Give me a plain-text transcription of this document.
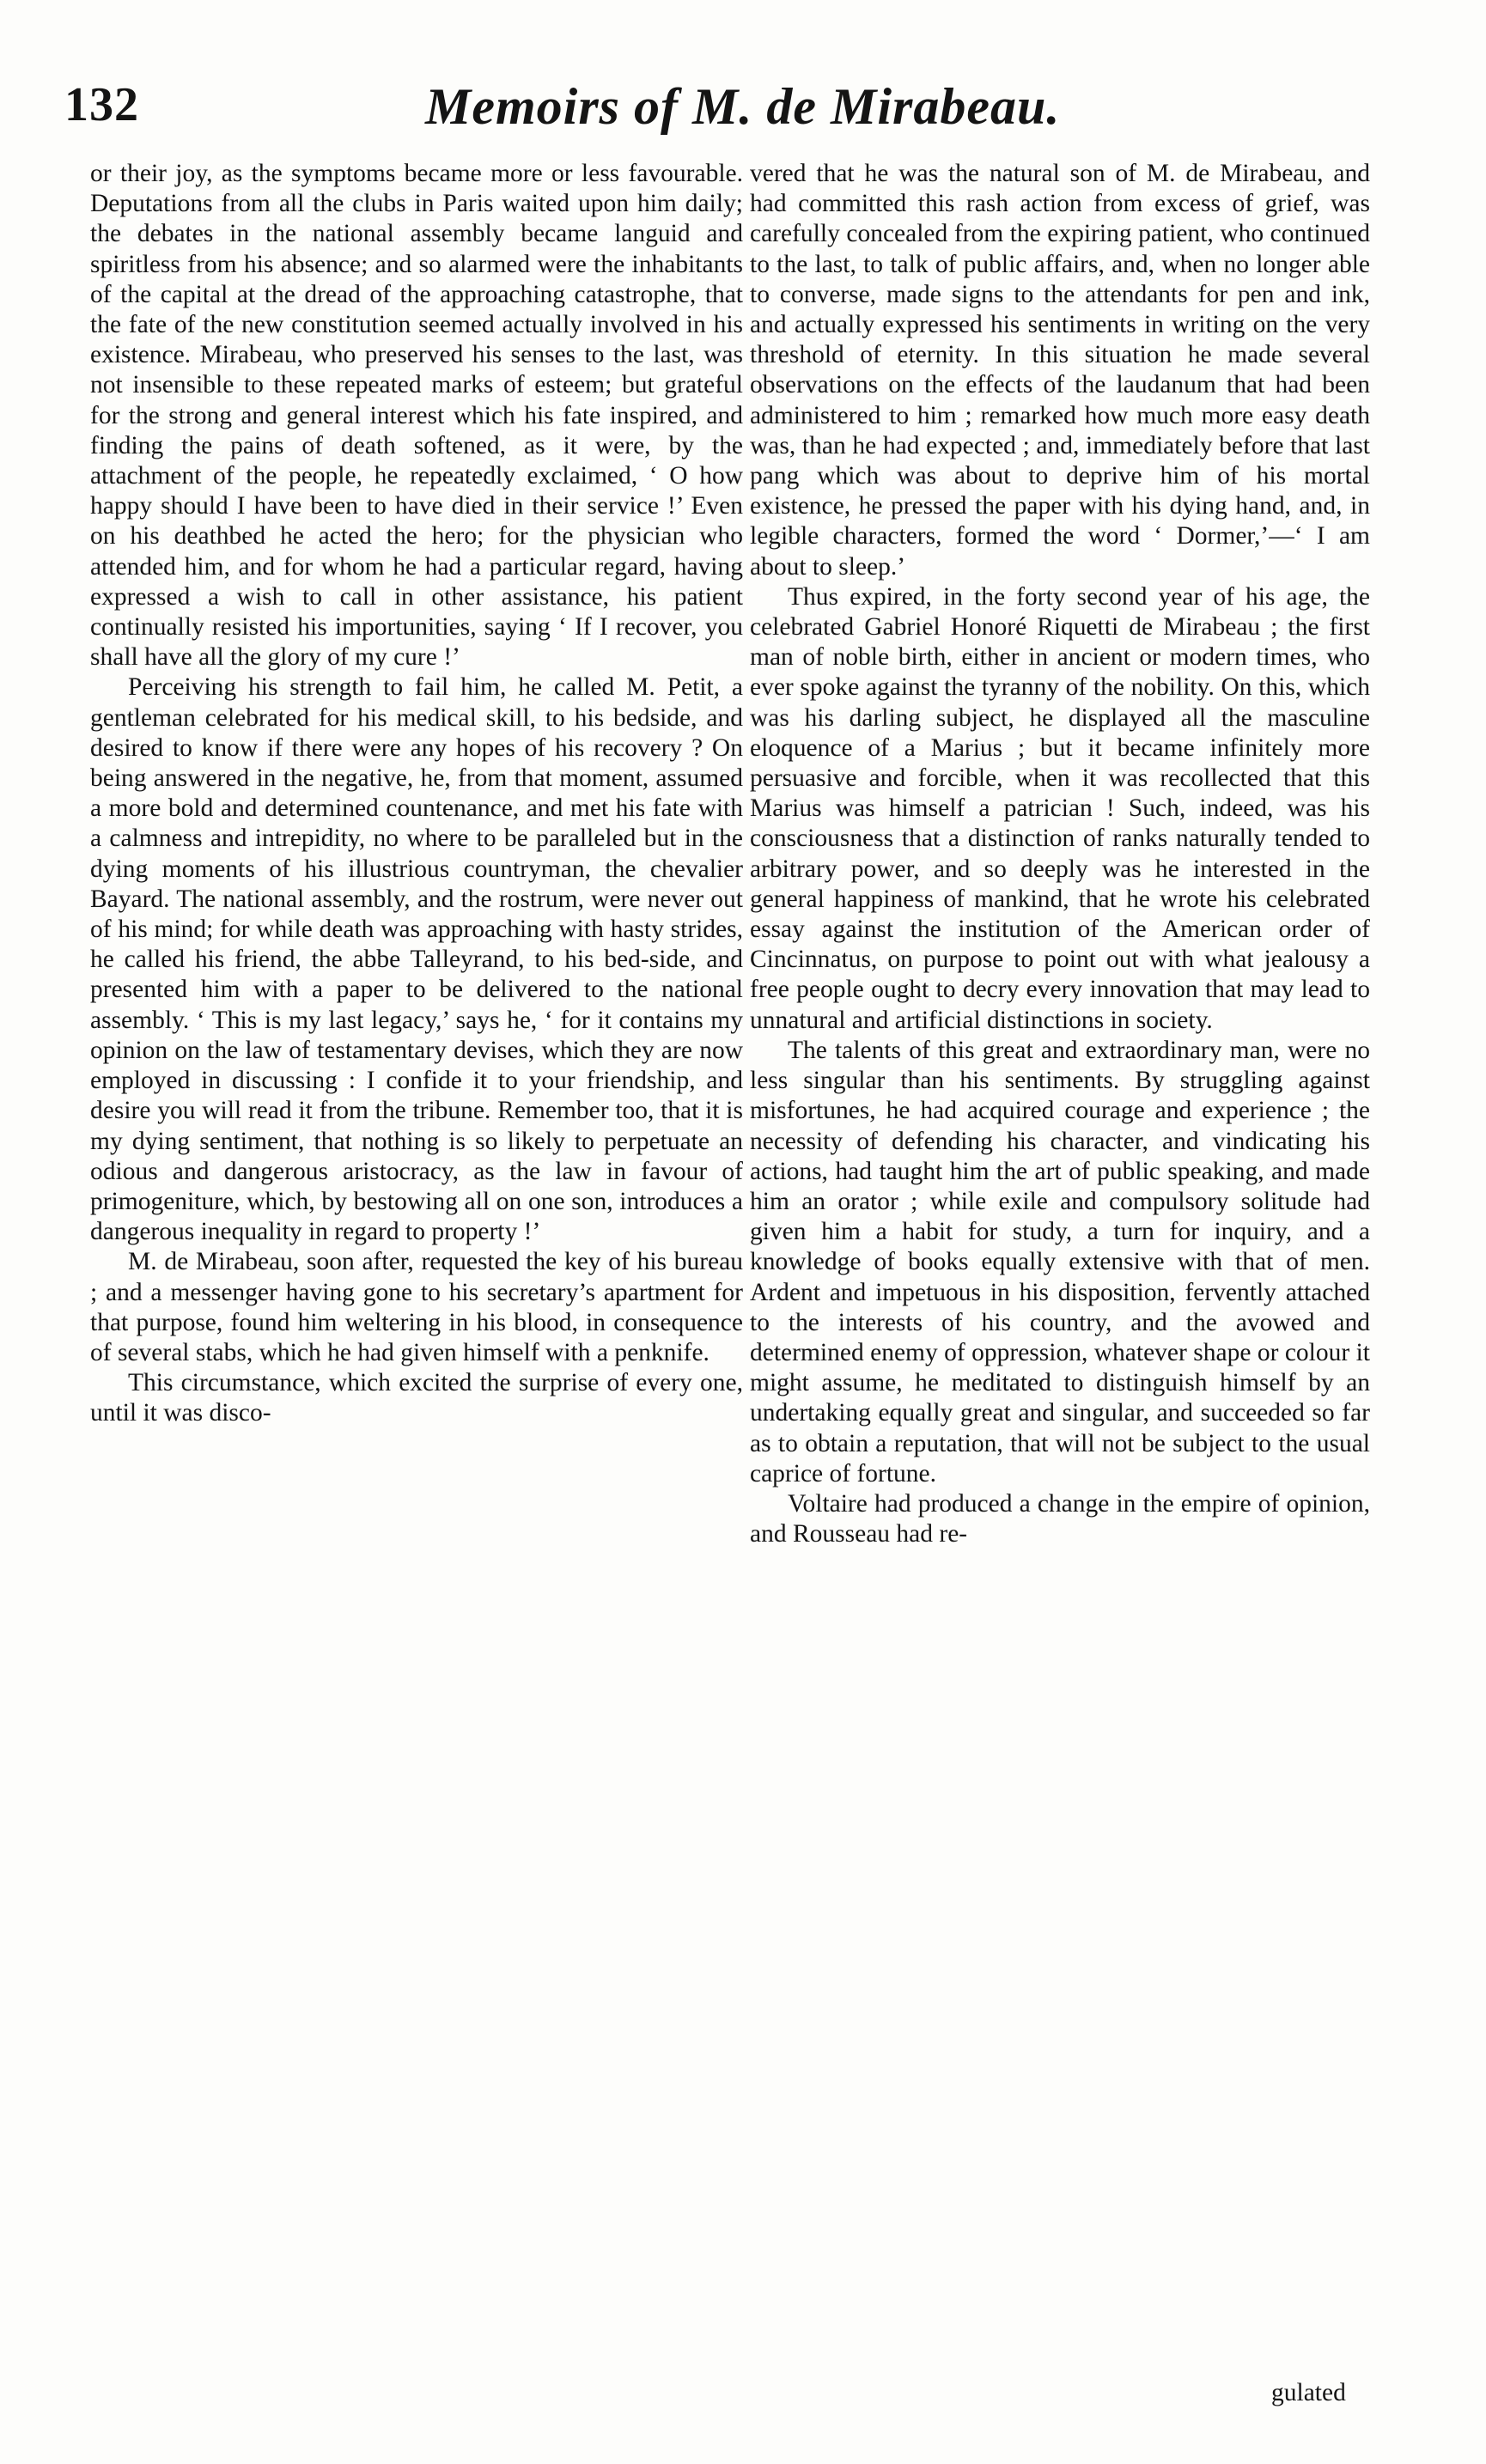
132	Memoirs of M. de Mirabeau.

or their joy, as the symptoms became more or less favourable. Deputations from all the clubs in Paris waited upon him daily; the debates in the national assembly became languid and spiritless from his absence; and so alarmed were the inhabitants of the capital at the dread of the approaching catastrophe, that the fate of the new constitution seemed actually involved in his existence. Mirabeau, who preserved his senses to the last, was not insensible to these repeated marks of esteem; but grateful for the strong and general interest which his fate inspired, and finding the pains of death softened, as it were, by the attachment of the people, he repeatedly exclaimed, ‘ O how happy should I have been to have died in their service !’ Even on his deathbed he acted the hero; for the physician who attended him, and for whom he had a particular regard, having expressed a wish to call in other assistance, his patient continually resisted his importunities, saying ‘ If I recover, you shall have all the glory of my cure !’

Perceiving his strength to fail him, he called M. Petit, a gentleman celebrated for his medical skill, to his bedside, and desired to know if there were any hopes of his recovery ? On being answered in the negative, he, from that moment, assumed a more bold and determined countenance, and met his fate with a calmness and intrepidity, no where to be paralleled but in the dying moments of his illustrious countryman, the chevalier Bayard. The national assembly, and the rostrum, were never out of his mind; for while death was approaching with hasty strides, he called his friend, the abbe Talleyrand, to his bed-side, and presented him with a paper to be delivered to the national assembly. ‘ This is my last legacy,’ says he, ‘ for it contains my opinion on the law of testamentary devises, which they are now employed in discussing : I confide it to your friendship, and desire you will read it from the tribune. Remember too, that it is my dying sentiment, that nothing is so likely to perpetuate an odious and dangerous aristocracy, as the law in favour of primogeniture, which, by bestowing all on one son, introduces a dangerous inequality in regard to property !’

M. de Mirabeau, soon after, requested the key of his bureau ; and a messenger having gone to his secretary’s apartment for that purpose, found him weltering in his blood, in consequence of several stabs, which he had given himself with a penknife.

This circumstance, which excited the surprise of every one, until it was disco-

vered that he was the natural son of M. de Mirabeau, and had committed this rash action from excess of grief, was carefully concealed from the expiring patient, who continued to the last, to talk of public affairs, and, when no longer able to converse, made signs to the attendants for pen and ink, and actually expressed his sentiments in writing on the very threshold of eternity. In this situation he made several observations on the effects of the laudanum that had been administered to him ; remarked how much more easy death was, than he had expected ; and, immediately before that last pang which was about to deprive him of his mortal existence, he pressed the paper with his dying hand, and, in legible characters, formed the word ‘ Dormer,’—‘ I am about to sleep.’

Thus expired, in the forty second year of his age, the celebrated Gabriel Honoré Riquetti de Mirabeau ; the first man of noble birth, either in ancient or modern times, who ever spoke against the tyranny of the nobility. On this, which was his darling subject, he displayed all the masculine eloquence of a Marius ; but it became infinitely more persuasive and forcible, when it was recollected that this Marius was himself a patrician ! Such, indeed, was his consciousness that a distinction of ranks naturally tended to arbitrary power, and so deeply was he interested in the general happiness of mankind, that he wrote his celebrated essay against the institution of the American order of Cincinnatus, on purpose to point out with what jealousy a free people ought to decry every innovation that may lead to unnatural and artificial distinctions in society.

The talents of this great and extraordinary man, were no less singular than his sentiments. By struggling against misfortunes, he had acquired courage and experience ; the necessity of defending his character, and vindicating his actions, had taught him the art of public speaking, and made him an orator ; while exile and compulsory solitude had given him a habit for study, a turn for inquiry, and a knowledge of books equally extensive with that of men. Ardent and impetuous in his disposition, fervently attached to the interests of his country, and the avowed and determined enemy of oppression, whatever shape or colour it might assume, he meditated to distinguish himself by an undertaking equally great and singular, and succeeded so far as to obtain a reputation, that will not be subject to the usual caprice of fortune.

Voltaire had produced a change in the empire of opinion, and Rousseau had re-

gulated
